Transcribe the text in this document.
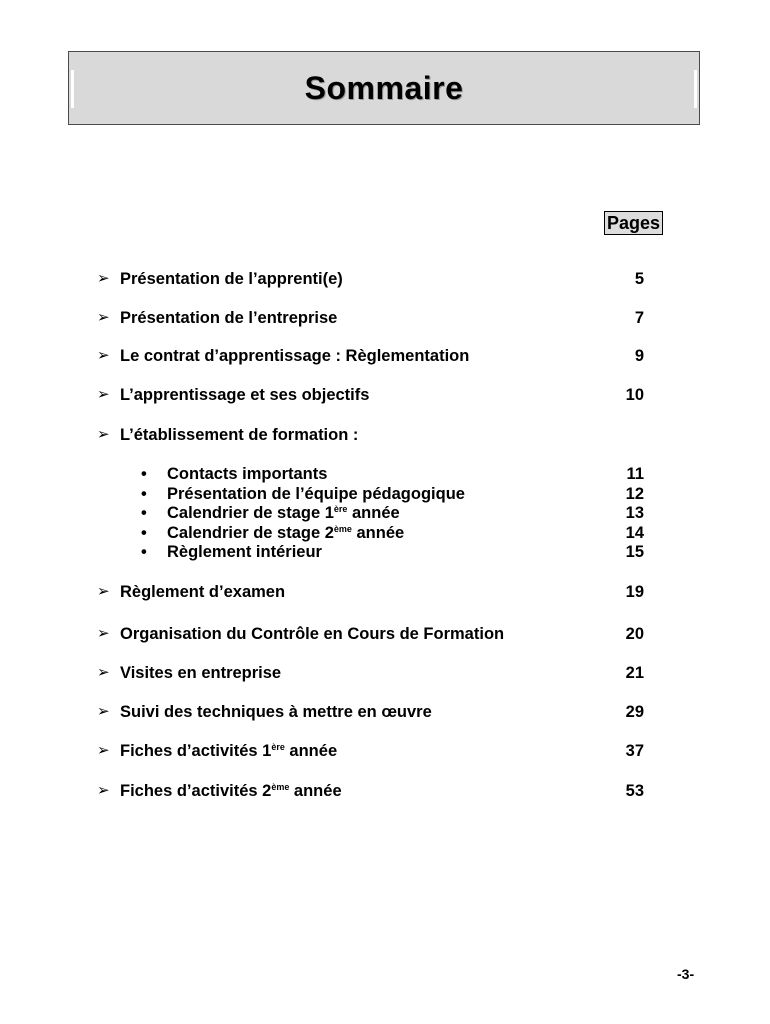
Sommaire
Pages
➢ Présentation de l’apprenti(e)	5
➢ Présentation de l’entreprise	7
➢ Le contrat d’apprentissage : Règlementation	9
➢ L’apprentissage et ses objectifs	10
➢ L’établissement de formation :
• Contacts importants	11
• Présentation de l’équipe pédagogique	12
• Calendrier de stage 1ère année	13
• Calendrier de stage 2ème année	14
• Règlement intérieur	15
➢ Règlement d’examen	19
➢ Organisation du Contrôle en Cours de Formation	20
➢ Visites en entreprise	21
➢ Suivi des techniques à mettre en œuvre	29
➢ Fiches d’activités 1ère année	37
➢ Fiches d’activités 2ème année	53
-3-
